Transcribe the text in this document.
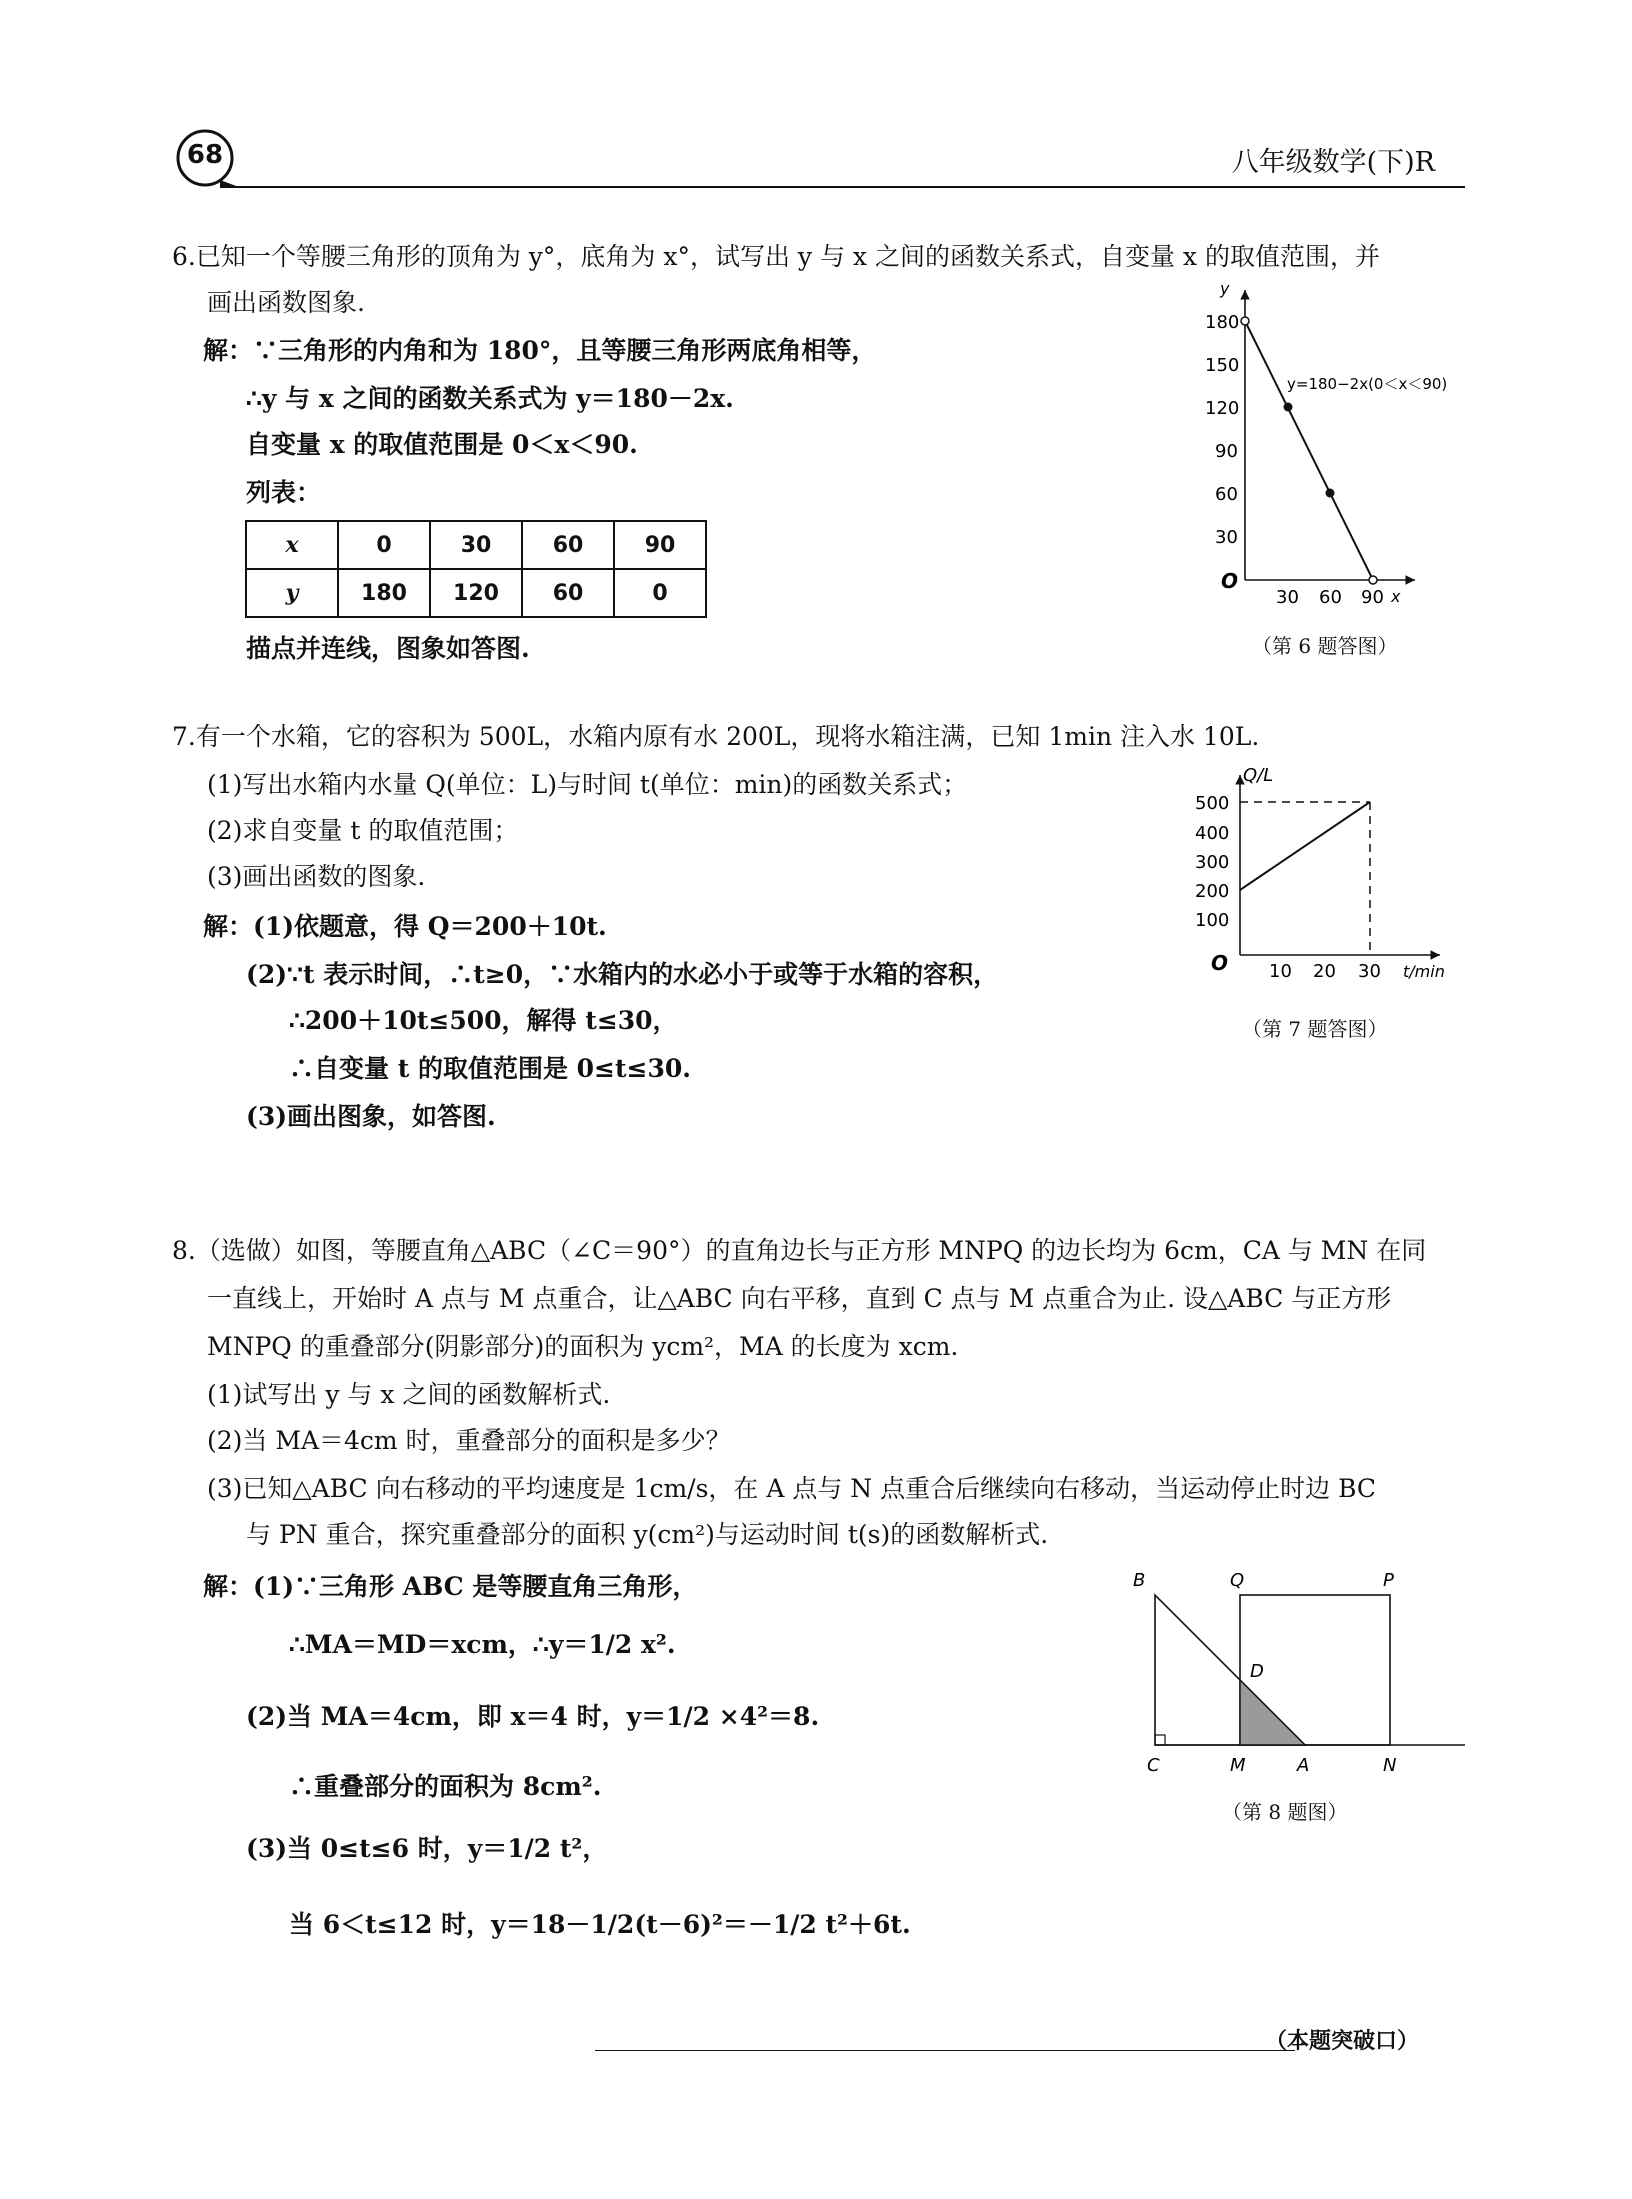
68	八年级数学(下)R
6.已知一个等腰三角形的顶角为 y°，底角为 x°，试写出 y 与 x 之间的函数关系式，自变量 x 的取值范围，并
画出函数图象.
解：∵三角形的内角和为 180°，且等腰三角形两底角相等，
∴y 与 x 之间的函数关系式为 y＝180－2x.
自变量 x 的取值范围是 0＜x＜90.
列表：
x	0	30	60	90
y	180	120	60	0
描点并连线，图象如答图.
y
x
O
180
150
120
90
60
30
30 60 90
y=180−2x(0＜x＜90)
（第 6 题答图）
7.有一个水箱，它的容积为 500L，水箱内原有水 200L，现将水箱注满，已知 1min 注入水 10L.
(1)写出水箱内水量 Q(单位：L)与时间 t(单位：min)的函数关系式；
(2)求自变量 t 的取值范围；
(3)画出函数的图象.
解：(1)依题意，得 Q＝200＋10t.
(2)∵t 表示时间，∴t≥0，∵水箱内的水必小于或等于水箱的容积，
∴200＋10t≤500，解得 t≤30，
∴自变量 t 的取值范围是 0≤t≤30.
(3)画出图象，如答图.
Q/L
t/min
O
500
400
300
200
100
10 20 30
（第 7 题答图）
8.（选做）如图，等腰直角△ABC（∠C＝90°）的直角边长与正方形 MNPQ 的边长均为 6cm，CA 与 MN 在同
一直线上，开始时 A 点与 M 点重合，让△ABC 向右平移，直到 C 点与 M 点重合为止. 设△ABC 与正方形
MNPQ 的重叠部分(阴影部分)的面积为 ycm²，MA 的长度为 xcm.
(1)试写出 y 与 x 之间的函数解析式.
(2)当 MA＝4cm 时，重叠部分的面积是多少？
(3)已知△ABC 向右移动的平均速度是 1cm/s，在 A 点与 N 点重合后继续向右移动，当运动停止时边 BC
与 PN 重合，探究重叠部分的面积 y(cm²)与运动时间 t(s)的函数解析式.
解：(1)∵三角形 ABC 是等腰直角三角形，
∴MA＝MD＝xcm，∴y＝1/2 x².
(2)当 MA＝4cm，即 x＝4 时，y＝1/2 ×4²＝8.
∴重叠部分的面积为 8cm².
(3)当 0≤t≤6 时，y＝1/2 t²，
当 6＜t≤12 时，y＝18－1/2(t－6)²＝－1/2 t²＋6t.
B	Q	P
D
C	M	A	N
（第 8 题图）
（本题突破口）
